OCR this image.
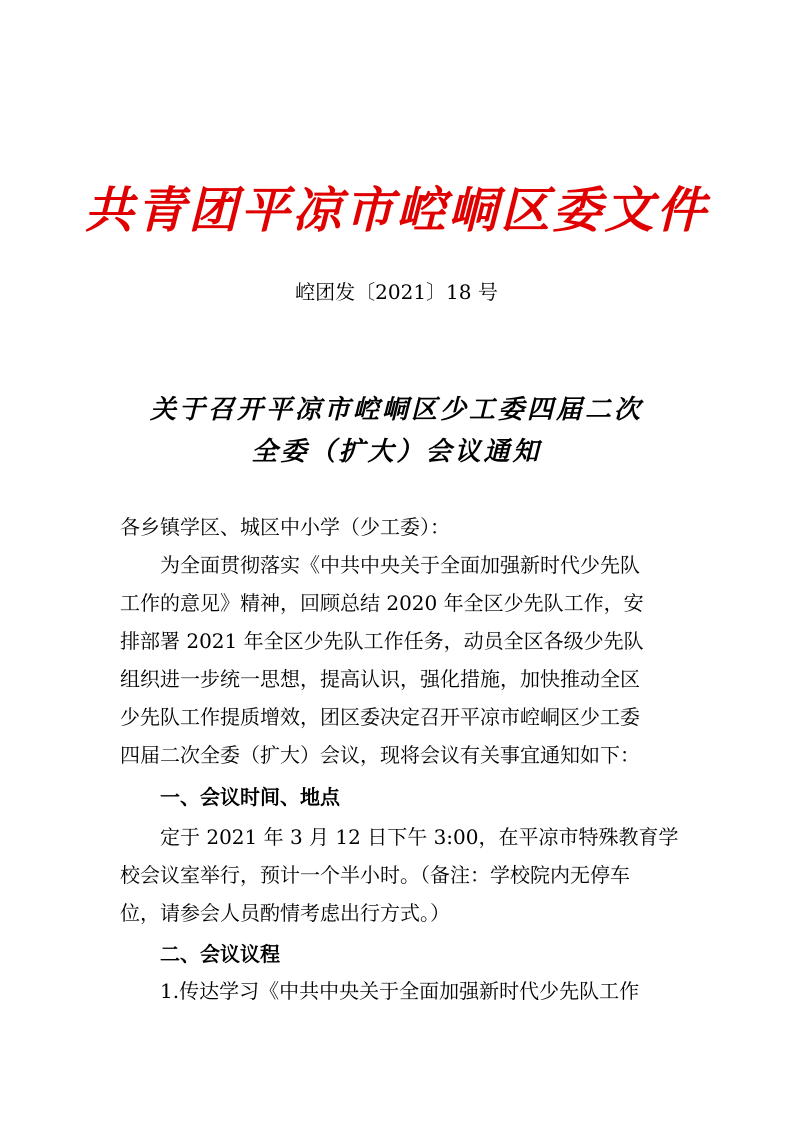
共青团平凉市崆峒区委文件
崆团发〔2021〕18 号
关于召开平凉市崆峒区少工委四届二次
全委（扩大）会议通知
各乡镇学区、城区中小学（少工委）：
为全面贯彻落实《中共中央关于全面加强新时代少先队
工作的意见》精神，回顾总结 2020 年全区少先队工作，安
排部署 2021 年全区少先队工作任务，动员全区各级少先队
组织进一步统一思想，提高认识，强化措施，加快推动全区
少先队工作提质增效，团区委决定召开平凉市崆峒区少工委
四届二次全委（扩大）会议，现将会议有关事宜通知如下：
一、会议时间、地点
定于 2021 年 3 月 12 日下午 3:00，在平凉市特殊教育学
校会议室举行，预计一个半小时。（备注：学校院内无停车
位，请参会人员酌情考虑出行方式。）
二、会议议程
1.传达学习《中共中央关于全面加强新时代少先队工作
